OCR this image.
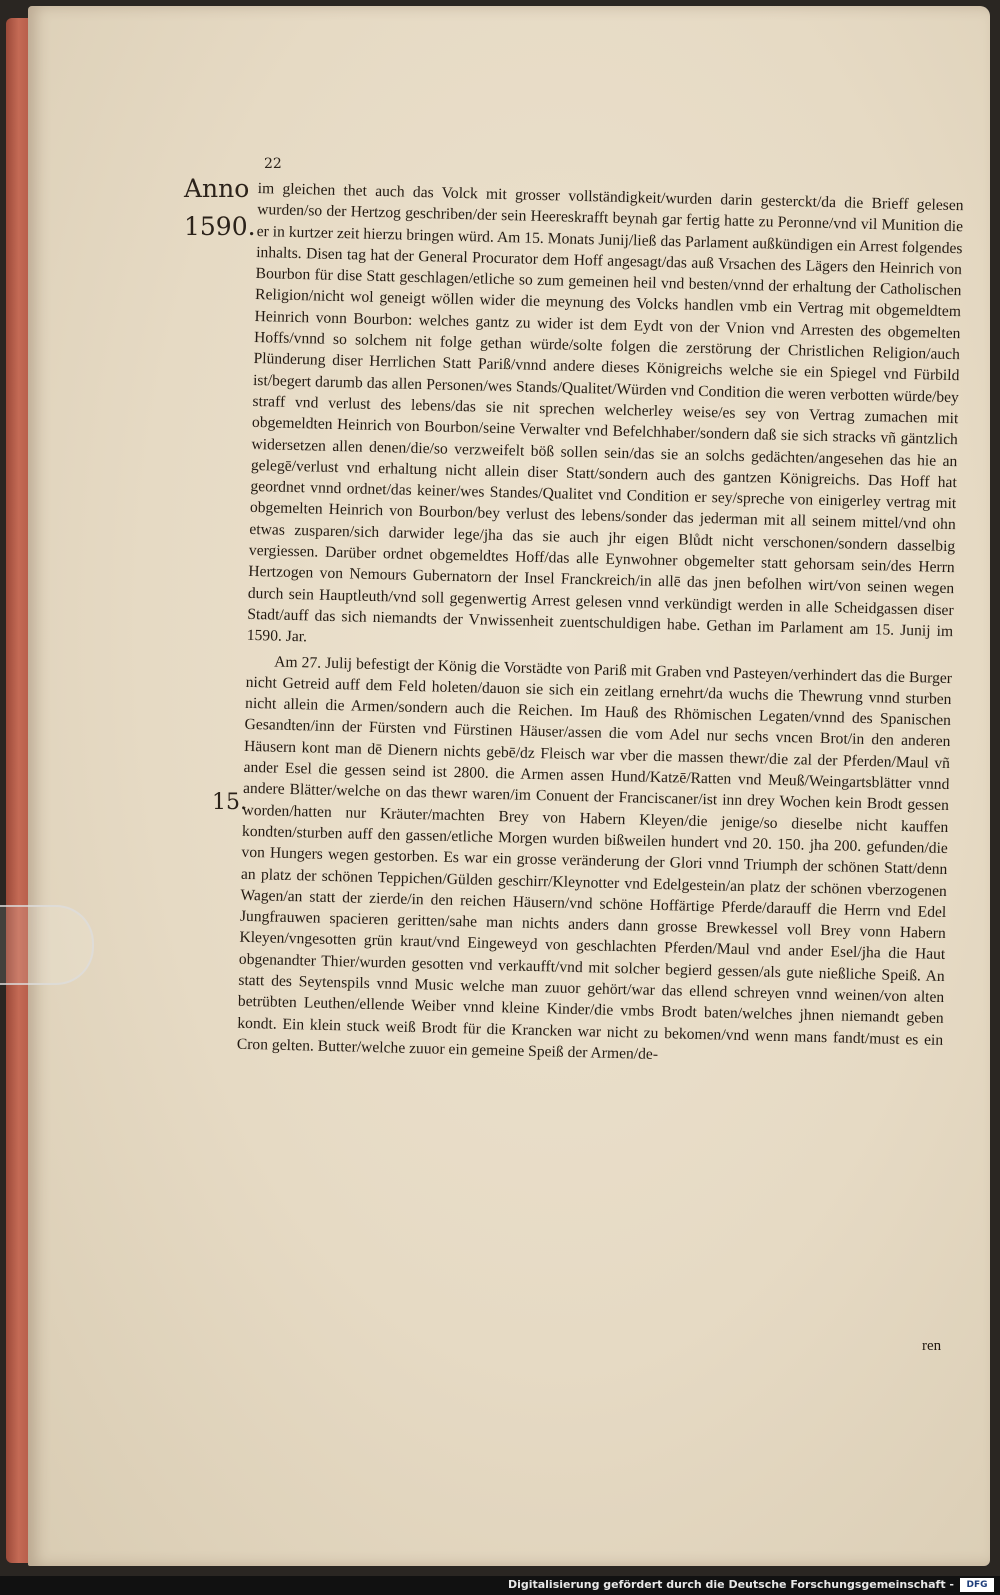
22
Anno 1590.
15.

im gleichen thet auch das Volck mit grosser vollständigkeit/wurden darin gesterckt/da die Brieff gelesen wurden/so der Hertzog geschriben/der sein Heereskrafft beynah gar fertig hatte zu Peronne/vnd vil Munition die er in kurtzer zeit hierzu bringen würd. Am 15. Monats Junij/ließ das Parlament außkündigen ein Arrest folgendes inhalts. Disen tag hat der General Procurator dem Hoff angesagt/das auß Vrsachen des Lägers den Heinrich von Bourbon für dise Statt geschlagen/etliche so zum gemeinen heil vnd besten/vnnd der erhaltung der Catholischen Religion/nicht wol geneigt wöllen wider die meynung des Volcks handlen vmb ein Vertrag mit obgemeldtem Heinrich vonn Bourbon: welches gantz zu wider ist dem Eydt von der Vnion vnd Arresten des obgemelten Hoffs/vnnd so solchem nit folge gethan würde/solte folgen die zerstörung der Christlichen Religion/auch Plünderung diser Herrlichen Statt Pariß/vnnd andere dieses Königreichs welche sie ein Spiegel vnd Fürbild ist/begert darumb das allen Personen/wes Stands/Qualitet/Würden vnd Condition die weren verbotten würde/bey straff vnd verlust des lebens/das sie nit sprechen welcherley weise/es sey von Vertrag zumachen mit obgemeldten Heinrich von Bourbon/seine Verwalter vnd Befelchhaber/sondern daß sie sich stracks vñ gäntzlich widersetzen allen denen/die/so verzweifelt böß sollen sein/das sie an solchs gedächten/angesehen das hie an gelegē/verlust vnd erhaltung nicht allein diser Statt/sondern auch des gantzen Königreichs. Das Hoff hat geordnet vnnd ordnet/das keiner/wes Standes/Qualitet vnd Condition er sey/spreche von einigerley vertrag mit obgemelten Heinrich von Bourbon/bey verlust des lebens/sonder das jederman mit all seinem mittel/vnd ohn etwas zusparen/sich darwider lege/jha das sie auch jhr eigen Blůdt nicht verschonen/sondern dasselbig vergiessen. Darüber ordnet obgemeldtes Hoff/das alle Eynwohner obgemelter statt gehorsam sein/des Herrn Hertzogen von Nemours Gubernatorn der Insel Franckreich/in allē das jnen befolhen wirt/von seinen wegen durch sein Hauptleuth/vnd soll gegenwertig Arrest gelesen vnnd verkündigt werden in alle Scheidgassen diser Stadt/auff das sich niemandts der Vnwissenheit zuentschuldigen habe. Gethan im Parlament am 15. Junij im 1590. Jar.

Am 27. Julij befestigt der König die Vorstädte von Pariß mit Graben vnd Pasteyen/verhindert das die Burger nicht Getreid auff dem Feld holeten/dauon sie sich ein zeitlang ernehrt/da wuchs die Thewrung vnnd sturben nicht allein die Armen/sondern auch die Reichen. Im Hauß des Rhömischen Legaten/vnnd des Spanischen Gesandten/inn der Fürsten vnd Fürstinen Häuser/assen die vom Adel nur sechs vncen Brot/in den anderen Häusern kont man dē Dienern nichts gebē/dz Fleisch war vber die massen thewr/die zal der Pferden/Maul vñ ander Esel die gessen seind ist 2800. die Armen assen Hund/Katzē/Ratten vnd Meuß/Weingartsblätter vnnd andere Blätter/welche on das thewr waren/im Conuent der Franciscaner/ist inn drey Wochen kein Brodt gessen worden/hatten nur Kräuter/machten Brey von Habern Kleyen/die jenige/so dieselbe nicht kauffen kondten/sturben auff den gassen/etliche Morgen wurden bißweilen hundert vnd 20. 150. jha 200. gefunden/die von Hungers wegen gestorben. Es war ein grosse veränderung der Glori vnnd Triumph der schönen Statt/denn an platz der schönen Teppichen/Gülden geschirr/Kleynotter vnd Edelgestein/an platz der schönen vberzogenen Wagen/an statt der zierde/in den reichen Häusern/vnd schöne Hoffärtige Pferde/darauff die Herrn vnd Edel Jungfrauwen spacieren geritten/sahe man nichts anders dann grosse Brewkessel voll Brey vonn Habern Kleyen/vngesotten grün kraut/vnd Eingeweyd von geschlachten Pferden/Maul vnd ander Esel/jha die Haut obgenandter Thier/wurden gesotten vnd verkaufft/vnd mit solcher begierd gessen/als gute nießliche Speiß. An statt des Seytenspils vnnd Music welche man zuuor gehört/war das ellend schreyen vnnd weinen/von alten betrübten Leuthen/ellende Weiber vnnd kleine Kinder/die vmbs Brodt baten/welches jhnen niemandt geben kondt. Ein klein stuck weiß Brodt für die Krancken war nicht zu bekomen/vnd wenn mans fandt/must es ein Cron gelten. Butter/welche zuuor ein gemeine Speiß der Armen/de-

ren
Digitalisierung gefördert durch die Deutsche Forschungsgemeinschaft -	DFG
